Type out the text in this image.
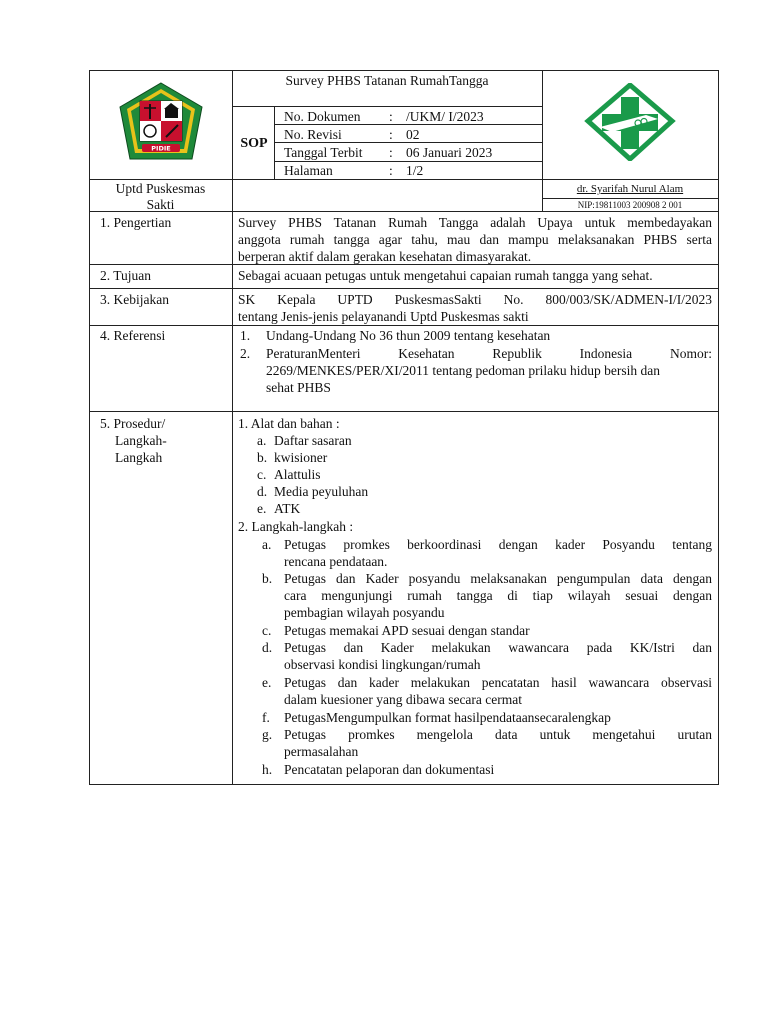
PIDIE
Survey PHBS Tatanan RumahTangga
SOP
No. Dokumen : /UKM/ I/2023
No. Revisi	: 02
Tanggal Terbit : 06 Januari 2023
Halaman	: 1/2
Uptd Puskesmas
Sakti
dr. Syarifah Nurul Alam
NIP:19811003 200908 2 001
1. Pengertian	Survey PHBS Tatanan Rumah Tangga adalah Upaya untuk membedayakan
anggota rumah tangga agar tahu, mau dan mampu melaksanakan PHBS serta
berperan aktif dalam gerakan kesehatan dimasyarakat.
2. Tujuan	Sebagai acuaan petugas untuk mengetahui capaian rumah tangga yang sehat.
3. Kebijakan	SK Kepala UPTD PuskesmasSakti No. 800/003/SK/ADMEN-I/I/2023
tentang Jenis-jenis pelayanandi Uptd Puskesmas sakti
4. Referensi	1. Undang-Undang No 36 thun 2009 tentang kesehatan
2. PeraturanMenteri Kesehatan Republik Indonesia Nomor:
2269/MENKES/PER/XI/2011 tentang pedoman prilaku hidup bersih dan
sehat PHBS
5. Prosedur/
Langkah-
Langkah
1. Alat dan bahan :
a. Daftar sasaran
b. kwisioner
c. Alattulis
d. Media peyuluhan
e. ATK
2. Langkah-langkah :
a. Petugas promkes berkoordinasi dengan kader Posyandu tentang
rencana pendataan.
b. Petugas dan Kader posyandu melaksanakan pengumpulan data dengan
cara mengunjungi rumah tangga di tiap wilayah sesuai dengan
pembagian wilayah posyandu
c. Petugas memakai APD sesuai dengan standar
d. Petugas dan Kader melakukan wawancara pada KK/Istri dan
observasi kondisi lingkungan/rumah
e. Petugas dan kader melakukan pencatatan hasil wawancara observasi
dalam kuesioner yang dibawa secara cermat
f. PetugasMengumpulkan format hasilpendataansecaralengkap
g. Petugas promkes mengelola data untuk mengetahui urutan
permasalahan
h. Pencatatan pelaporan dan dokumentasi
